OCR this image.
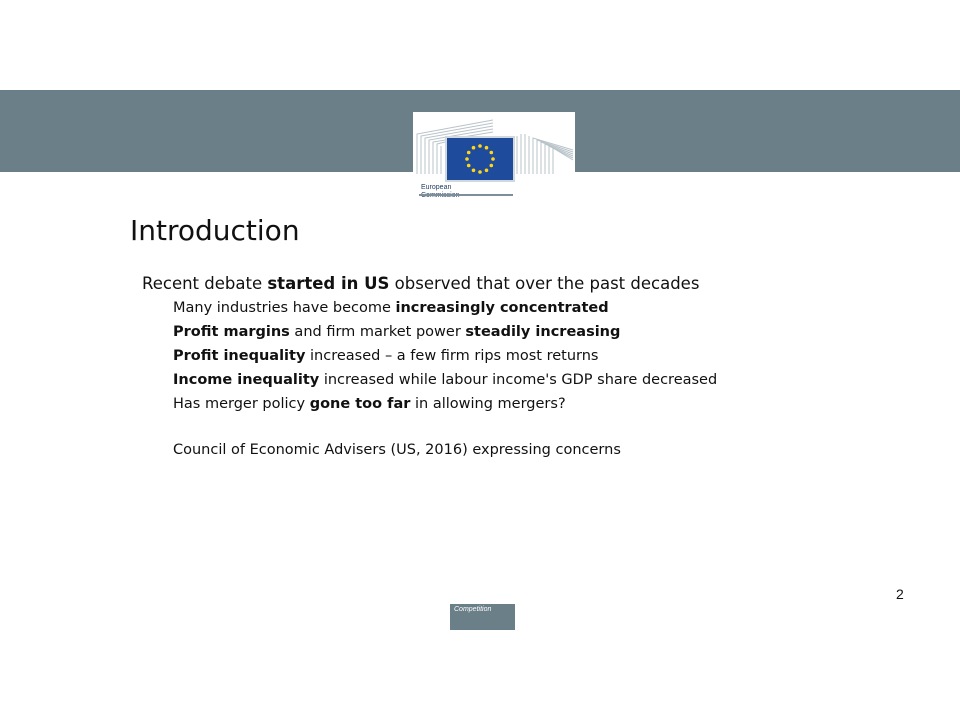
European
Introduction

Recent debate started in US observed that over the past decades

Many industries have become increasingly concentrated

Profit margins and firm market power steadily increasing

Profit inequality increased – a few firm rips most returns

Income inequality increased while labour income's GDP share decreased

Has merger policy gone too far in allowing mergers?

Council of Economic Advisers (US, 2016) expressing concerns

2
Competition
